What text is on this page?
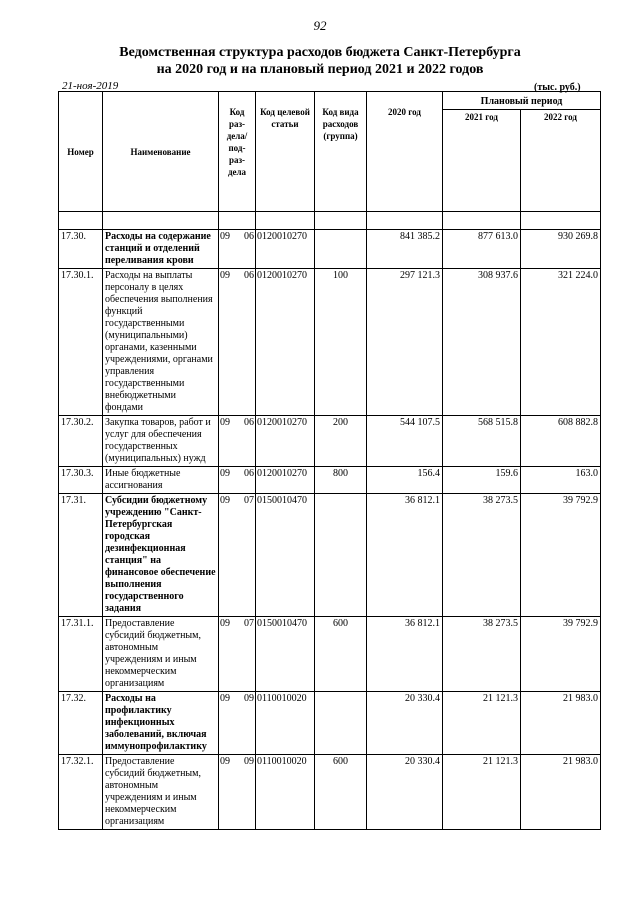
92
Ведомственная структура расходов бюджета Санкт-Петербурга
на 2020 год и на плановый период 2021 и 2022 годов
21-ноя-2019	(тыс. руб.)
Номер	Наименование	Код раз- дела/ под- раз- дела	Код целевой статьи	Код вида расходов (группа)	2020 год	Плановый период	
						2021 год	2022 год

17.30.	Расходы на содержание станций и отделений переливания крови	09 06	0120010270		841 385.2	877 613.0	930 269.8
17.30.1.	Расходы на выплаты персоналу в целях обеспечения выполнения функций государственными (муниципальными) органами, казенными учреждениями, органами управления государственными внебюджетными фондами	09 06	0120010270	100	297 121.3	308 937.6	321 224.0
17.30.2.	Закупка товаров, работ и услуг для обеспечения государственных (муниципальных) нужд	09 06	0120010270	200	544 107.5	568 515.8	608 882.8
17.30.3.	Иные бюджетные ассигнования	09 06	0120010270	800	156.4	159.6	163.0
17.31.	Субсидии бюджетному учреждению "Санкт-Петербургская городская дезинфекционная станция" на финансовое обеспечение выполнения государственного задания	09 07	0150010470		36 812.1	38 273.5	39 792.9
17.31.1.	Предоставление субсидий бюджетным, автономным учреждениям и иным некоммерческим организациям	09 07	0150010470	600	36 812.1	38 273.5	39 792.9
17.32.	Расходы на профилактику инфекционных заболеваний, включая иммунопрофилактику	09 09	0110010020		20 330.4	21 121.3	21 983.0
17.32.1.	Предоставление субсидий бюджетным, автономным учреждениям и иным некоммерческим организациям	09 09	0110010020	600	20 330.4	21 121.3	21 983.0
